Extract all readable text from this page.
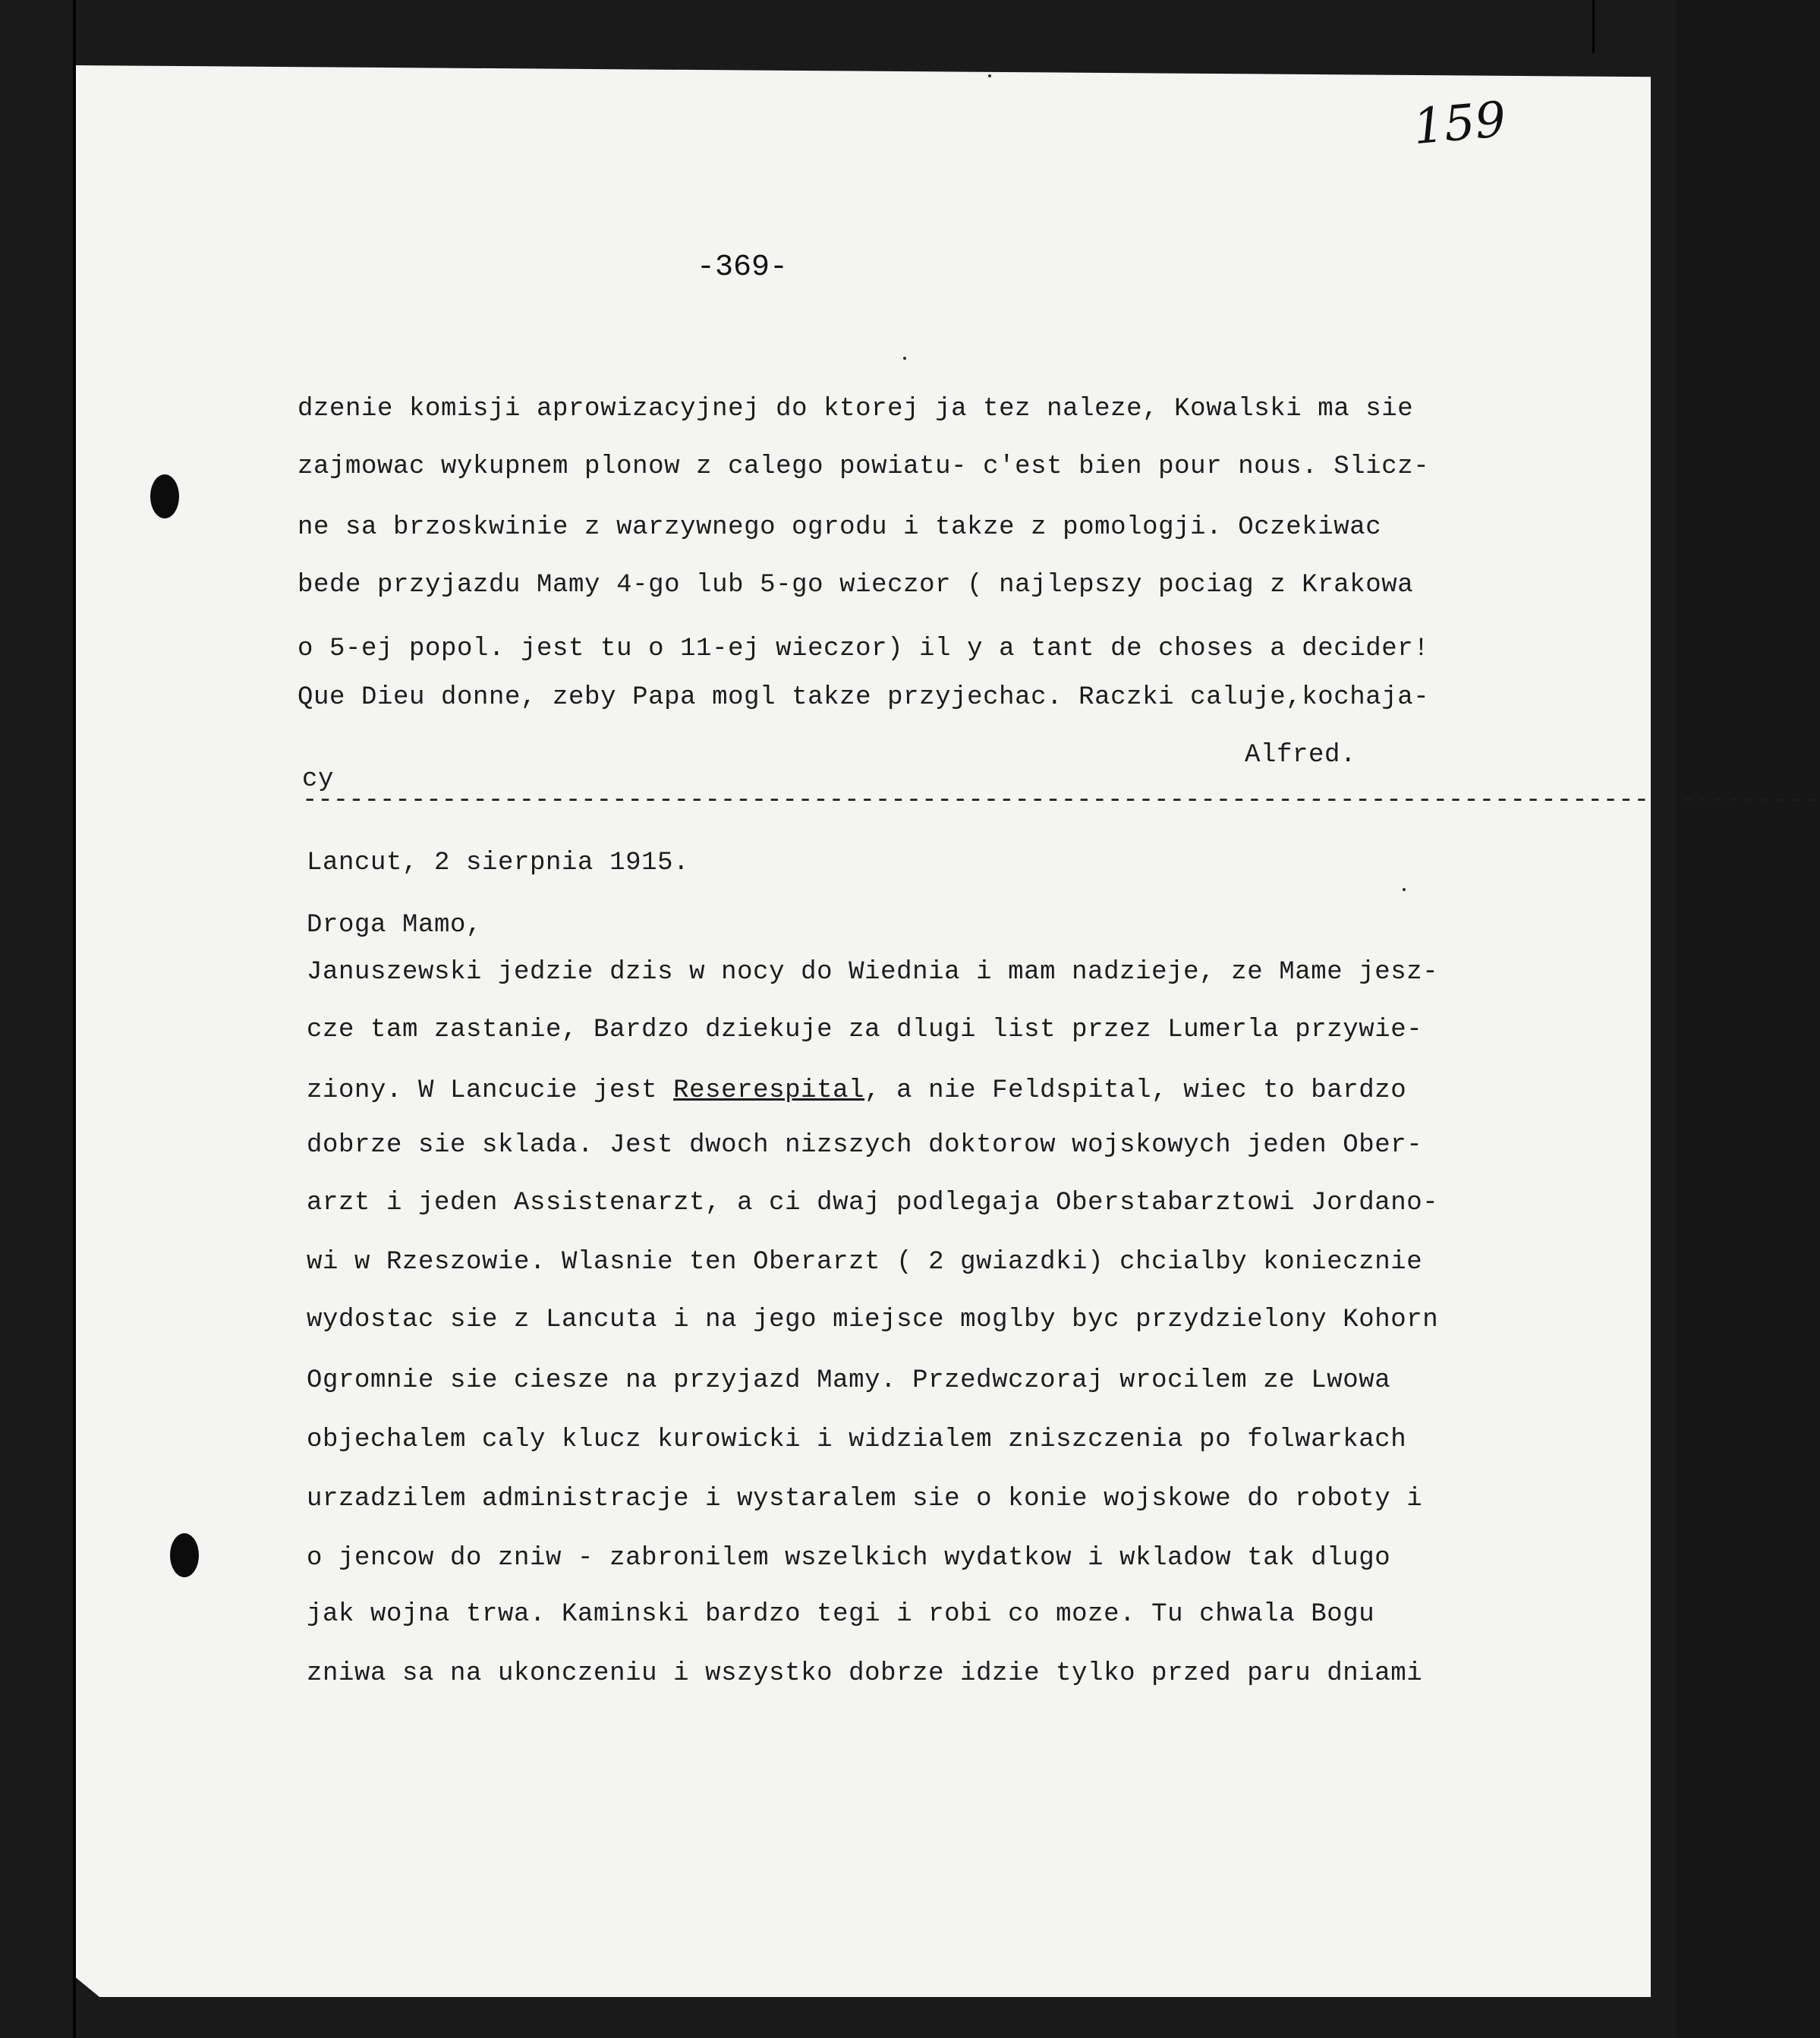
159
-369-
dzenie komisji aprowizacyjnej do ktorej ja tez naleze, Kowalski ma sie
zajmowac wykupnem plonow z calego powiatu- c'est bien pour nous. Slicz-
ne sa brzoskwinie z warzywnego ogrodu i takze z pomologji. Oczekiwac
bede przyjazdu Mamy 4-go lub 5-go wieczor ( najlepszy pociag z Krakowa
o 5-ej popol. jest tu o 11-ej wieczor) il y a tant de choses a decider!
Que Dieu donne, zeby Papa mogl takze przyjechac. Raczki caluje,kochaja-
cy
Alfred.
--------------------------------------------------------------------------------------------------
Lancut, 2 sierpnia 1915.
Droga Mamo,
Januszewski jedzie dzis w nocy do Wiednia i mam nadzieje, ze Mame jesz-
cze tam zastanie, Bardzo dziekuje za dlugi list przez Lumerla przywie-
ziony. W Lancucie jest Reserespital, a nie Feldspital, wiec to bardzo
dobrze sie sklada. Jest dwoch nizszych doktorow wojskowych jeden Ober-
arzt i jeden Assistenarzt, a ci dwaj podlegaja Oberstabarztowi Jordano-
wi w Rzeszowie. Wlasnie ten Oberarzt ( 2 gwiazdki) chcialby koniecznie
wydostac sie z Lancuta i na jego miejsce moglby byc przydzielony Kohorn
Ogromnie sie ciesze na przyjazd Mamy. Przedwczoraj wrocilem ze Lwowa
objechalem caly klucz kurowicki i widzialem zniszczenia po folwarkach
urzadzilem administracje i wystaralem sie o konie wojskowe do roboty i
o jencow do zniw - zabronilem wszelkich wydatkow i wkladow tak dlugo
jak wojna trwa. Kaminski bardzo tegi i robi co moze. Tu chwala Bogu
zniwa sa na ukonczeniu i wszystko dobrze idzie tylko przed paru dniami
